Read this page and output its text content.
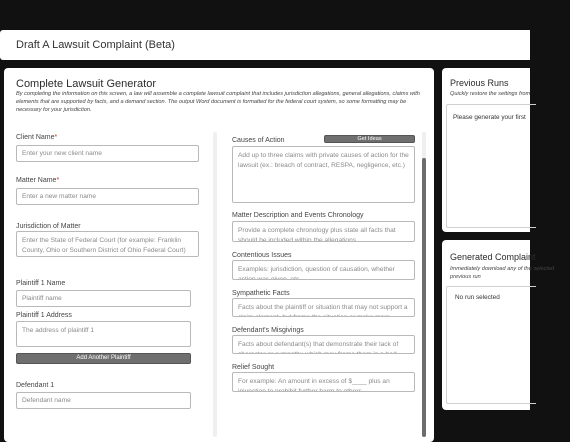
Draft A Lawsuit Complaint (Beta)
Complete Lawsuit Generator
By completing the information on this screen, a law will assemble a complete lawsuit complaint that includes jurisdiction allegations, general allegations, claims with elements that are supported by facts, and a demand section. The output Word document is formatted for the federal court system, so some formatting may be necessary for your jurisdiction.
Client Name*
Enter your new client name
Matter Name*
Enter a new matter name
Jurisdiction of Matter
Enter the State of Federal Court (for example: Franklin County, Ohio or Southern District of Ohio Federal Court)
Plaintiff 1 Name
Plaintiff name
Plaintiff 1 Address
The address of plaintiff 1
Add Another Plaintiff
Defendant 1
Defendant name
Causes of Action	Get Ideas
Add up to three claims with private causes of action for the lawsuit (ex.: breach of contract, RESPA, negligence, etc.)
Matter Description and Events Chronology
Provide a complete chronology plus state all facts that should be included within the allegations
Contentious Issues
Examples: jurisdiction, question of causation, whether action was given, etc.
Sympathetic Facts
Facts about the plaintiff or situation that may not support a claim element, but frame the situation or make more sympathetic
Defendant's Misgivings
Facts about defendant(s) that demonstrate their lack of character or sympathy which may frame them in a bad light
Relief Sought
For example: An amount in excess of $____ plus an injunction to prohibit further harm to others
Previous Runs
Quickly restore the settings from
Please generate your first
Generated Complaint
Immediately download any of the selected previous run
No run selected
